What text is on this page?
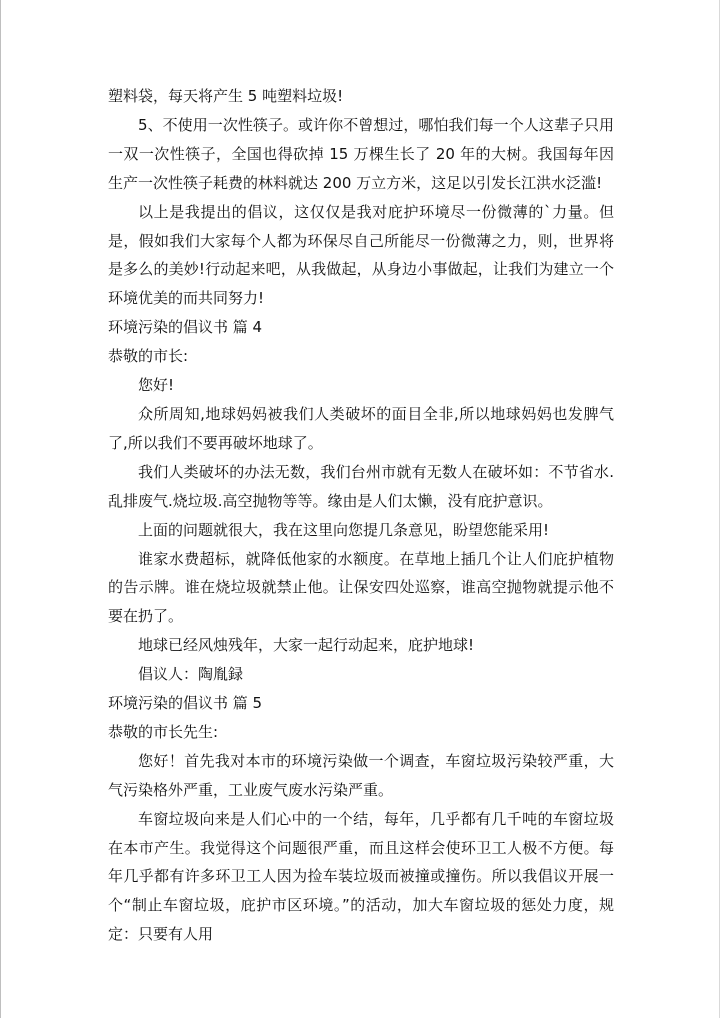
塑料袋，每天将产生 5 吨塑料垃圾!

5、不使用一次性筷子。或许你不曾想过，哪怕我们每一个人这辈子只用一双一次性筷子，全国也得砍掉 15 万棵生长了 20 年的大树。我国每年因生产一次性筷子耗费的林料就达 200 万立方米，这足以引发长江洪水泛滥!

以上是我提出的倡议，这仅仅是我对庇护环境尽一份微薄的`力量。但是，假如我们大家每个人都为环保尽自己所能尽一份微薄之力，则，世界将是多么的美妙!行动起来吧，从我做起，从身边小事做起，让我们为建立一个环境优美的而共同努力!

环境污染的倡议书 篇 4

恭敬的市长:

您好!

众所周知,地球妈妈被我们人类破坏的面目全非,所以地球妈妈也发脾气了,所以我们不要再破坏地球了。

我们人类破坏的办法无数，我们台州市就有无数人在破坏如：不节省水.乱排废气.烧垃圾.高空抛物等等。缘由是人们太懒，没有庇护意识。

上面的问题就很大，我在这里向您提几条意见，盼望您能采用!

谁家水费超标，就降低他家的水额度。在草地上插几个让人们庇护植物的告示牌。谁在烧垃圾就禁止他。让保安四处巡察，谁高空抛物就提示他不要在扔了。

地球已经风烛残年，大家一起行动起来，庇护地球!

倡议人：陶胤録

环境污染的倡议书 篇 5

恭敬的市长先生:

您好！首先我对本市的环境污染做一个调查，车窗垃圾污染较严重，大气污染格外严重，工业废气废水污染严重。

车窗垃圾向来是人们心中的一个结，每年，几乎都有几千吨的车窗垃圾在本市产生。我觉得这个问题很严重，而且这样会使环卫工人极不方便。每年几乎都有许多环卫工人因为捡车装垃圾而被撞或撞伤。所以我倡议开展一个“制止车窗垃圾，庇护市区环境。”的活动，加大车窗垃圾的惩处力度，规定：只要有人用
